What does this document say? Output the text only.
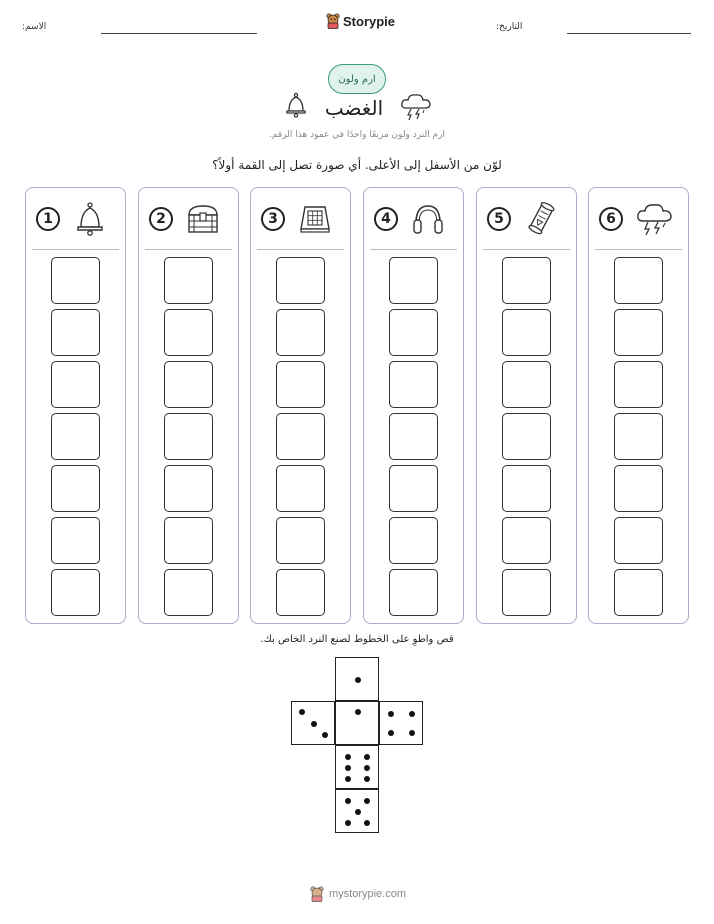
الاسم:	Storypie	التاريخ:
ارم ولون
الغضب
ارم النرد ولون مربعًا واحدًا في عمود هذا الرقم.
لوّن من الأسفل إلى الأعلى. أي صورة تصل إلى القمة أولاً؟
1	2	3	4	5	6
قص واطوِ على الخطوط لصنع النرد الخاص بك.
mystorypie.com
